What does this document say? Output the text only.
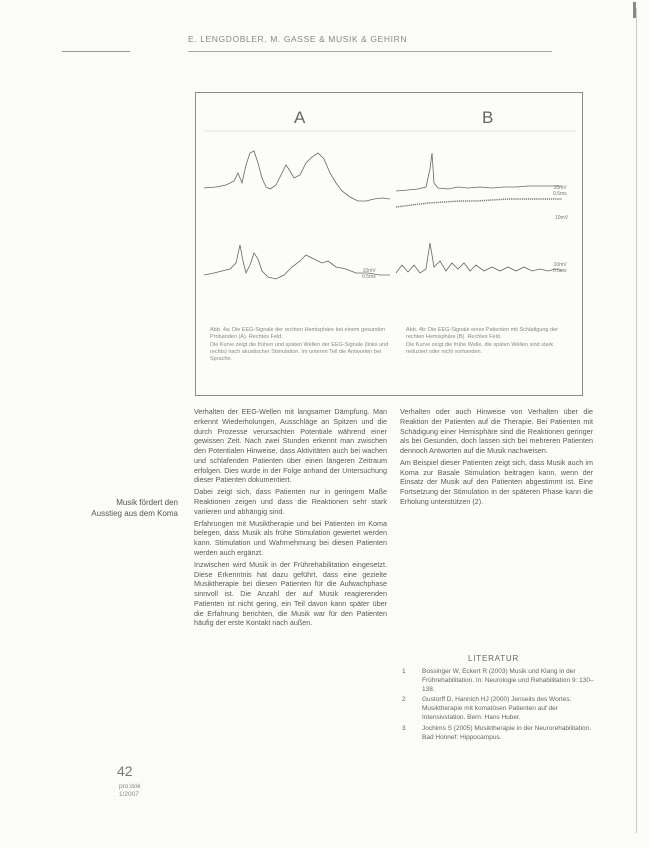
E. LENGDOBLER, M. GASSE & MUSIK & GEHIRN
A	B
10mV
0.5ms
10mV
10mV
0.5ms
10mV
0.5ms

Abb. 4a: Die EEG-Signale der rechten Hemisphäre bei einem gesunden Probanden (A). Rechtes Feld.

Die Kurve zeigt die frühen und späten Wellen der EEG-Signale (links und rechts) nach akustischer Stimulation. Im unteren Teil die Antworten bei Sprache.

Abb. 4b: Die EEG-Signale eines Patienten mit Schädigung der rechten Hemisphäre (B). Rechtes Feld.

Die Kurve zeigt die frühe Welle, die späten Wellen sind stark reduziert oder nicht vorhanden.

Musik fördert den Ausstieg aus dem Koma

Verhalten der EEG-Wellen mit langsamer Dämpfung. Man erkennt Wiederholungen, Ausschläge an Spitzen und die durch Prozesse verursachten Potentiale während einer gewissen Zeit. Nach zwei Stunden erkennt man zwischen den Potentialen Hinweise, dass Aktivitäten auch bei wachen und schlafenden Patienten über einen längeren Zeitraum erfolgen. Dies wurde in der Folge anhand der Untersuchung dieser Patienten dokumentiert.

Dabei zeigt sich, dass Patienten nur in geringem Maße Reaktionen zeigen und dass die Reaktionen sehr stark variieren und abhängig sind.

Erfahrungen mit Musiktherapie und bei Patienten im Koma belegen, dass Musik als frühe Stimulation gewertet werden kann. Stimulation und Wahrnehmung bei diesen Patienten werden auch ergänzt.

Inzwischen wird Musik in der Frührehabilitation eingesetzt. Diese Erkenntnis hat dazu geführt, dass eine gezielte Musiktherapie bei diesen Patienten für die Aufwachphase sinnvoll ist. Die Anzahl der auf Musik reagierenden Patienten ist nicht gering, ein Teil davon kann später über die Erfahrung berichten, die Musik war für den Patienten häufig der erste Kontakt nach außen.

Verhalten oder auch Hinweise von Verhalten über die Reaktion der Patienten auf die Therapie. Bei Patienten mit Schädigung einer Hemisphäre sind die Reaktionen geringer als bei Gesunden, doch lassen sich bei mehreren Patienten dennoch Antworten auf die Musik nachweisen.

Am Beispiel dieser Patienten zeigt sich, dass Musik auch im Koma zur Basale Stimulation beitragen kann, wenn der Einsatz der Musik auf den Patienten abgestimmt ist. Eine Fortsetzung der Stimulation in der späteren Phase kann die Erholung unterstützen (2).

LITERATUR
1	Bossinger W, Eckert R (2003) Musik und Klang in der Frührehabilitation. In: Neurologie und Rehabilitation 9: 130–138.
2	Gustorff D, Hannich HJ (2000) Jenseits des Wortes. Musiktherapie mit komatösen Patienten auf der Intensivstation. Bern: Hans Huber.
3	Jochims S (2005) Musiktherapie in der Neurorehabilitation. Bad Honnef: Hippocampus.
42
pro:dok
1/2007
